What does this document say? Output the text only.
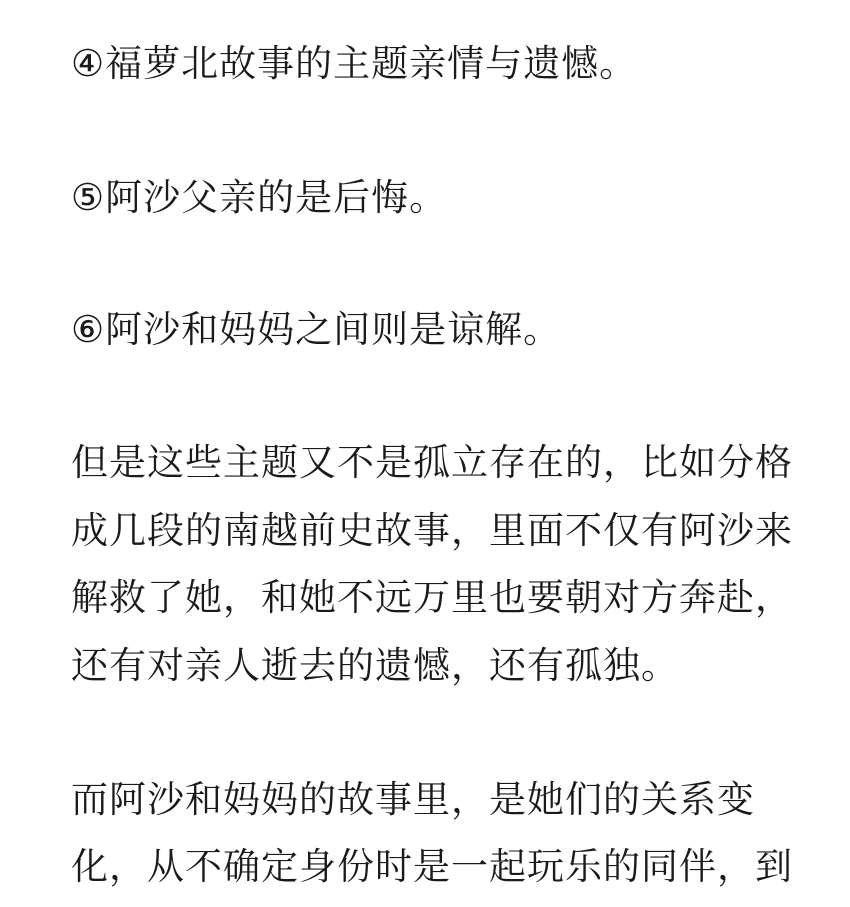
④福萝北故事的主题亲情与遗憾。
⑤阿沙父亲的是后悔。
⑥阿沙和妈妈之间则是谅解。
但是这些主题又不是孤立存在的，比如分格
成几段的南越前史故事，里面不仅有阿沙来
解救了她，和她不远万里也要朝对方奔赴，
还有对亲人逝去的遗憾，还有孤独。
而阿沙和妈妈的故事里，是她们的关系变
化，从不确定身份时是一起玩乐的同伴，到
